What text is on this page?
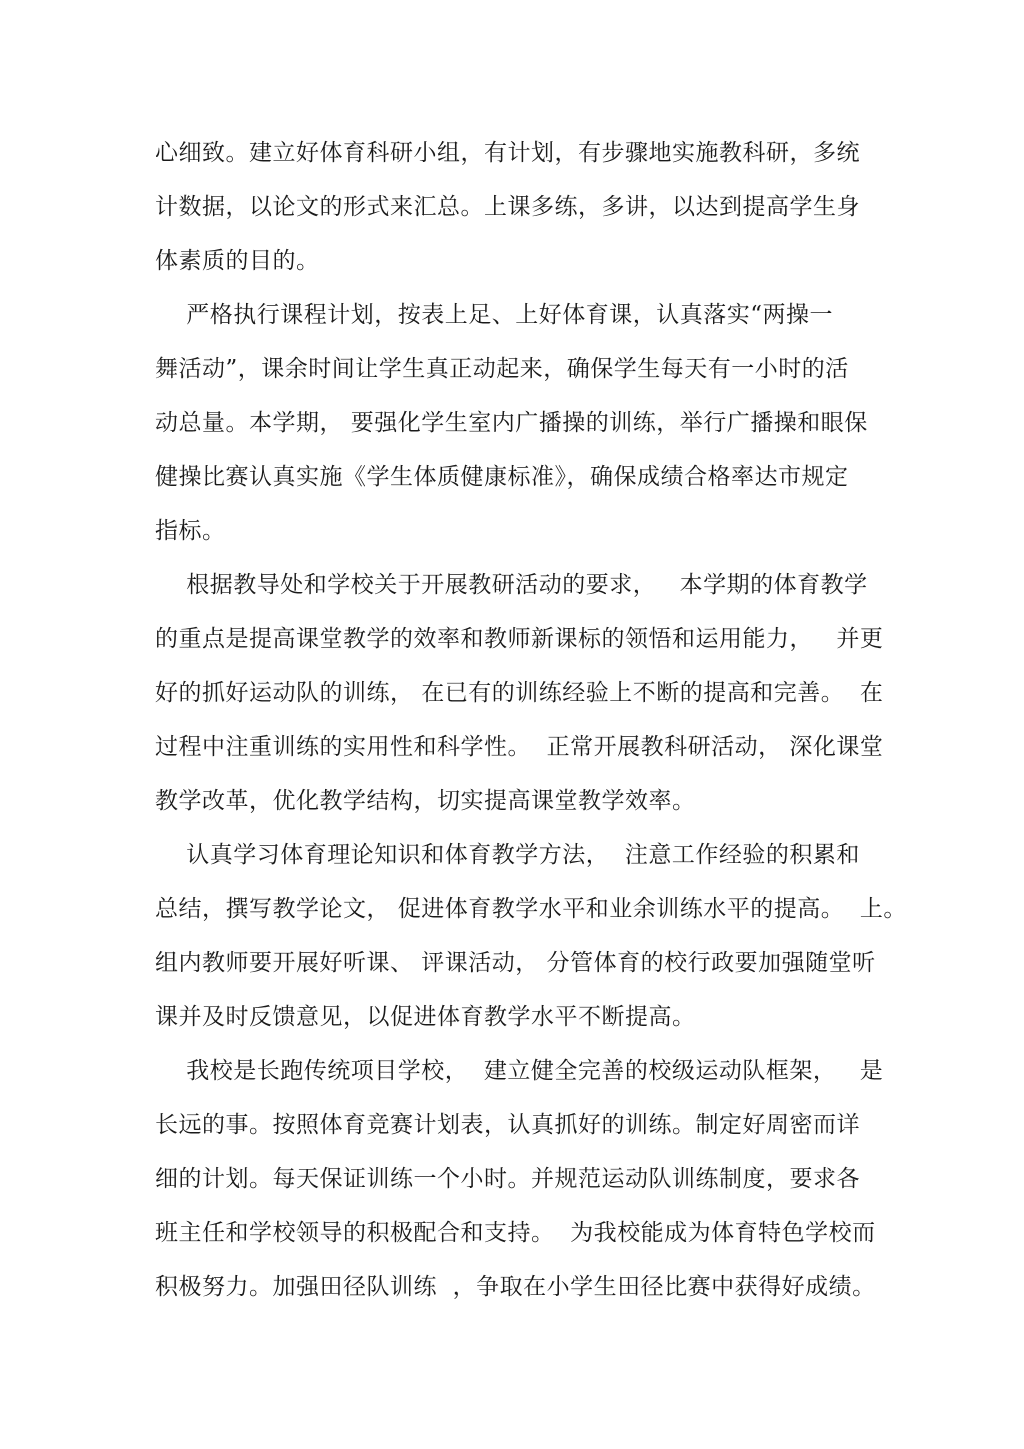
心细致。建立好体育科研小组，有计划，有步骤地实施教科研，多统
计数据，以论文的形式来汇总。上课多练，多讲，以达到提高学生身
体素质的目的。
严格执行课程计划，按表上足、上好体育课，认真落实“两操一
舞活动”，课余时间让学生真正动起来，确保学生每天有一小时的活
动总量。本学期， 要强化学生室内广播操的训练，举行广播操和眼保
健操比赛认真实施《学生体质健康标准》，确保成绩合格率达市规定
指标。
根据教导处和学校关于开展教研活动的要求，   本学期的体育教学
的重点是提高课堂教学的效率和教师新课标的领悟和运用能力，   并更
好的抓好运动队的训练， 在已有的训练经验上不断的提高和完善。  在
过程中注重训练的实用性和科学性。  正常开展教科研活动， 深化课堂
教学改革，优化教学结构，切实提高课堂教学效率。
认真学习体育理论知识和体育教学方法，  注意工作经验的积累和
总结，撰写教学论文， 促进体育教学水平和业余训练水平的提高。  上。
组内教师要开展好听课、 评课活动， 分管体育的校行政要加强随堂听
课并及时反馈意见，以促进体育教学水平不断提高。
我校是长跑传统项目学校，  建立健全完善的校级运动队框架，   是
长远的事。按照体育竞赛计划表，认真抓好的训练。制定好周密而详
细的计划。每天保证训练一个小时。并规范运动队训练制度，要求各
班主任和学校领导的积极配合和支持。  为我校能成为体育特色学校而
积极努力。加强田径队训练  ，争取在小学生田径比赛中获得好成绩。
